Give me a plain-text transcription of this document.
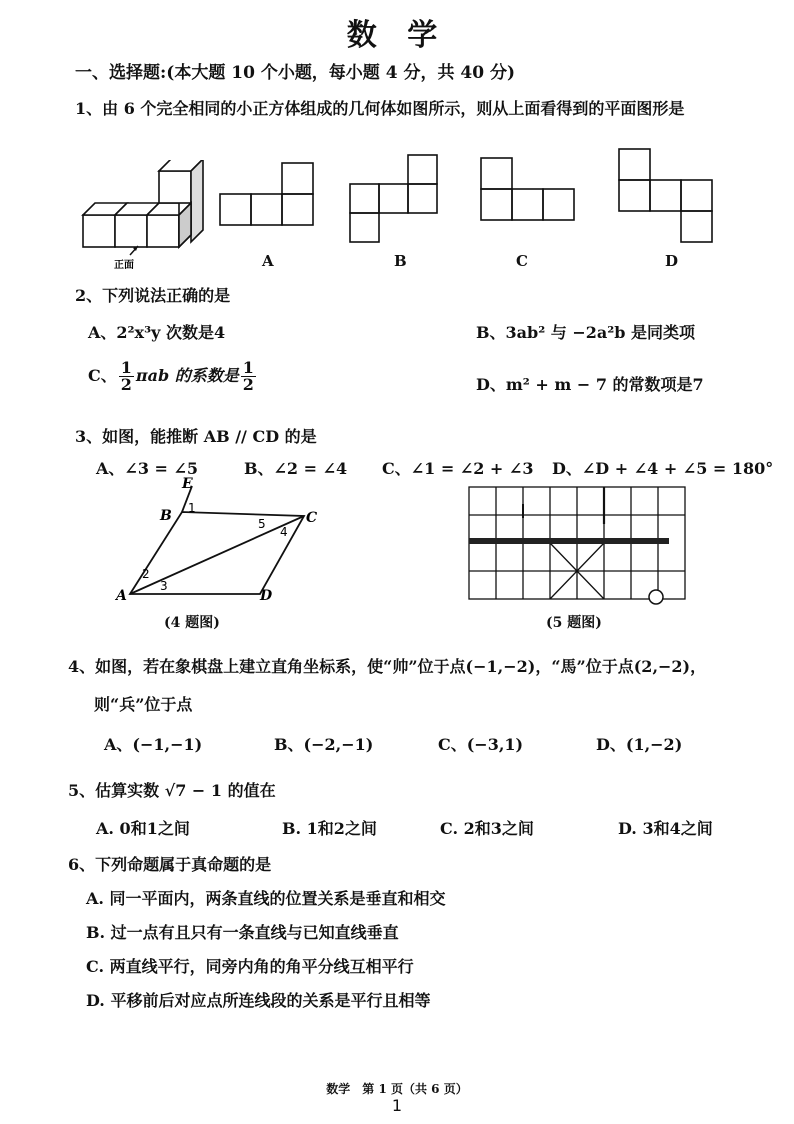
数 学
一、选择题:(本大题 10 个小题，每小题 4 分，共 40 分)
1、由 6 个完全相同的小正方体组成的几何体如图所示，则从上面看得到的平面图形是
正面	A	B	C	D
2、下列说法正确的是
A、2²x³y 次数是4	B、3ab² 与 −2a²b 是同类项
C、 $\frac{1}{2}$ πab 的系数是 $\frac{1}{2}$	D、m² + m − 7 的常数项是7
3、如图，能推断 AB // CD 的是
A、∠3 = ∠5	B、∠2 = ∠4 C、∠1 = ∠2 + ∠3 D、∠D + ∠4 + ∠5 = 180°
E
B	C
A	D
1
2
3
4
5
(4 题图)	(5 题图)
4、如图，若在象棋盘上建立直角坐标系，使“帅”位于点(−1,−2)，“馬”位于点(2,−2)，
则“兵”位于点
A、(−1,−1)	B、(−2,−1)	C、(−3,1)	D、(1,−2)
5、估算实数 √7 − 1 的值在
A. 0和1之间	B. 1和2之间	C. 2和3之间	D. 3和4之间
6、下列命题属于真命题的是
A. 同一平面内，两条直线的位置关系是垂直和相交
B. 过一点有且只有一条直线与已知直线垂直
C. 两直线平行，同旁内角的角平分线互相平行
D. 平移前后对应点所连线段的关系是平行且相等
数学　第 1 页（共 6 页）
1
